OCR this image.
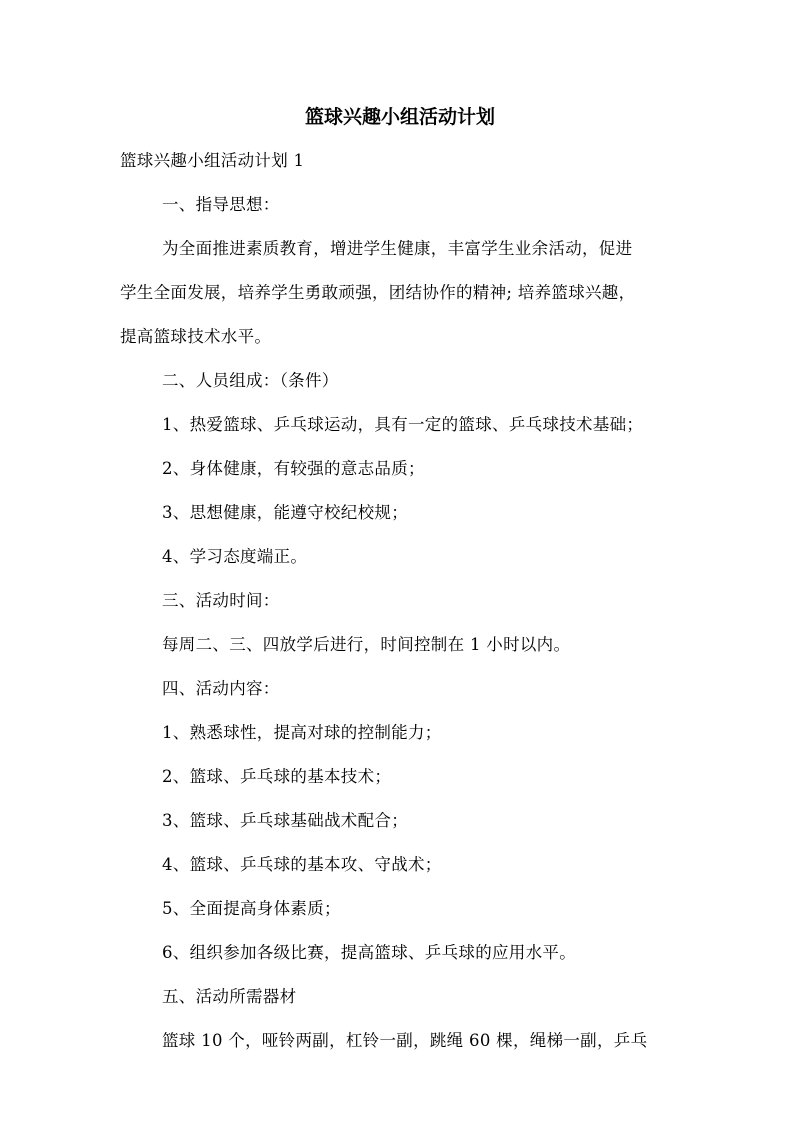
篮球兴趣小组活动计划
篮球兴趣小组活动计划 1
一、指导思想：
为全面推进素质教育，增进学生健康，丰富学生业余活动，促进
学生全面发展，培养学生勇敢顽强，团结协作的精神; 培养篮球兴趣，
提高篮球技术水平。
二、人员组成：（条件）
1、热爱篮球、乒乓球运动，具有一定的篮球、乒乓球技术基础；
2、身体健康，有较强的意志品质；
3、思想健康，能遵守校纪校规；
4、学习态度端正。
三、活动时间：
每周二、三、四放学后进行，时间控制在 1 小时以内。
四、活动内容：
1、熟悉球性，提高对球的控制能力；
2、篮球、乒乓球的基本技术；
3、篮球、乒乓球基础战术配合；
4、篮球、乒乓球的基本攻、守战术；
5、全面提高身体素质；
6、组织参加各级比赛，提高篮球、乒乓球的应用水平。
五、活动所需器材
篮球 10 个，哑铃两副，杠铃一副，跳绳 60 棵，绳梯一副，乒乓
